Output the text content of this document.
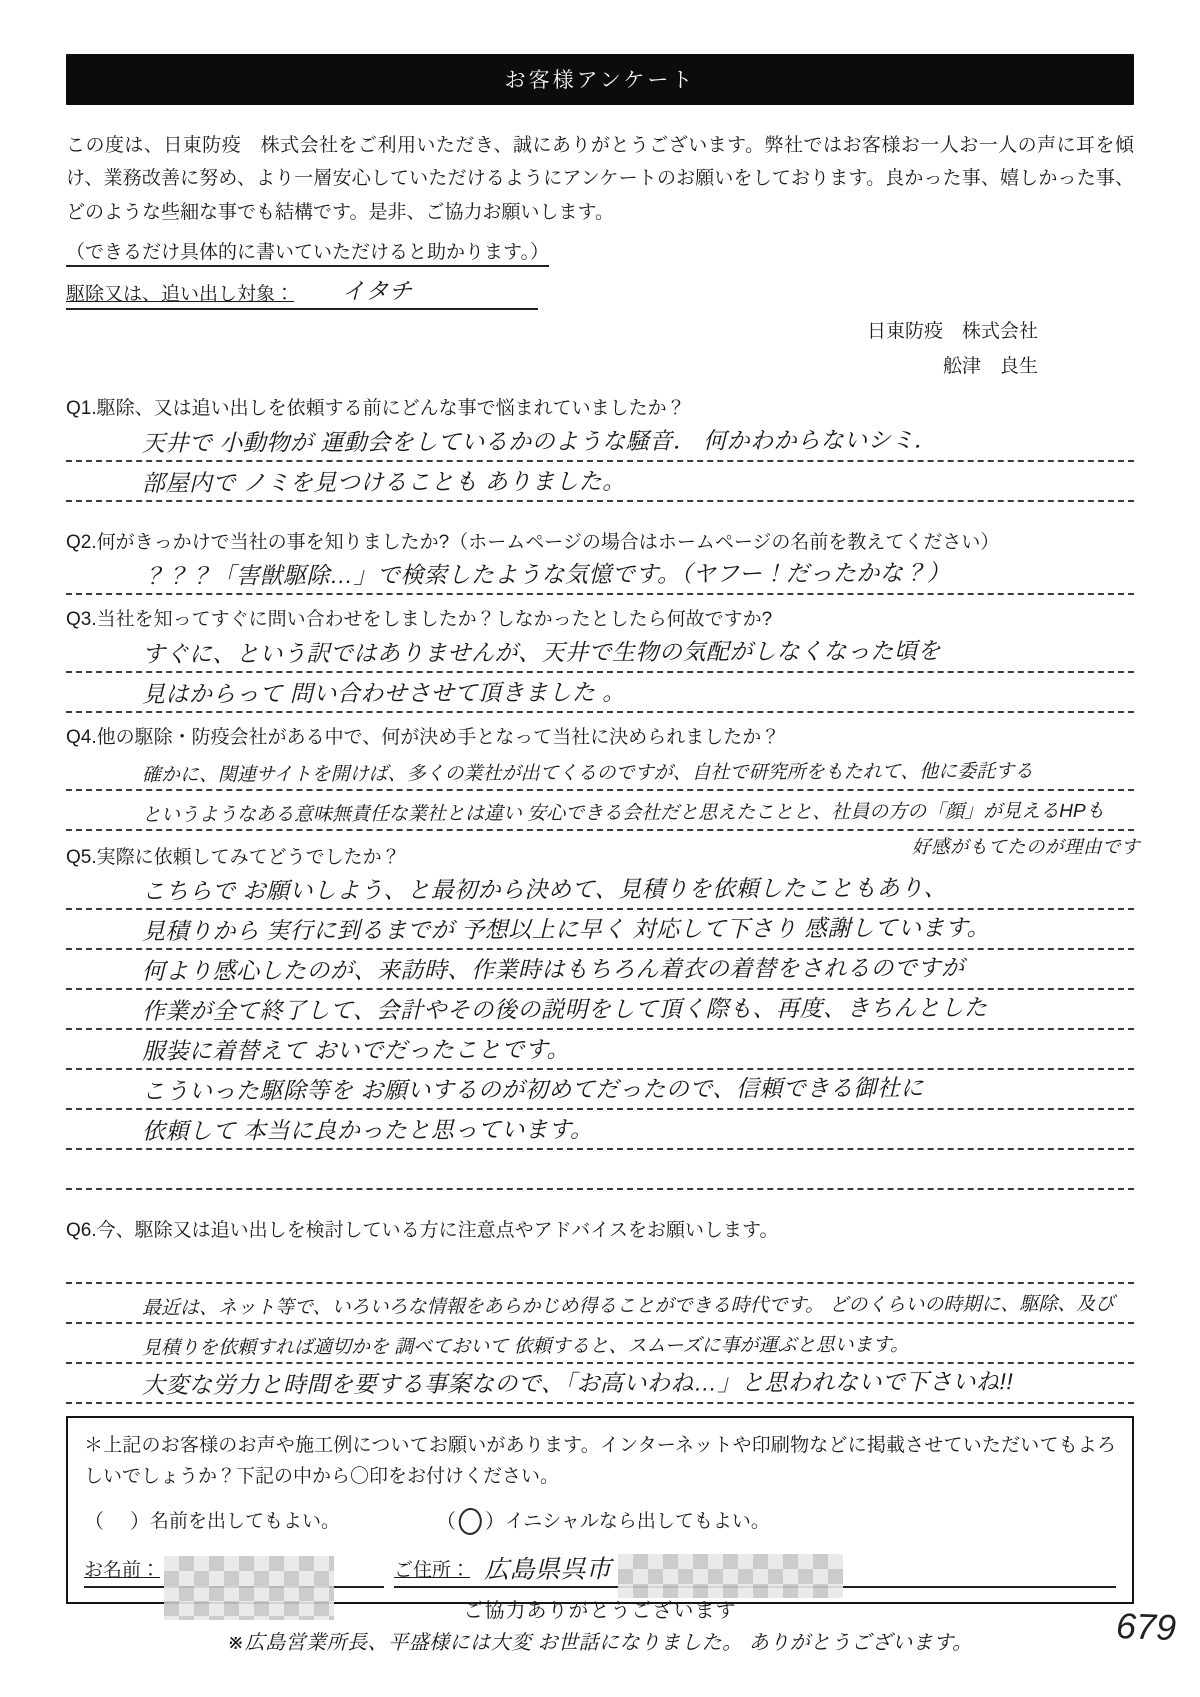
お客様アンケート
この度は、日東防疫　株式会社をご利用いただき、誠にありがとうございます。弊社ではお客様お一人お一人の声に耳を傾け、業務改善に努め、より一層安心していただけるようにアンケートのお願いをしております。良かった事、嬉しかった事、どのような些細な事でも結構です。是非、ご協力お願いします。
（できるだけ具体的に書いていただけると助かります。）
駆除又は、追い出し対象： イタチ
日東防疫　株式会社
舩津　良生
Q1.駆除、又は追い出しを依頼する前にどんな事で悩まれていましたか？
天井で 小動物が 運動会をしているかのような騒音． 何かわからないシミ．
部屋内で ノミを見つけることも ありました。
Q2.何がきっかけで当社の事を知りましたか?（ホームページの場合はホームページの名前を教えてください）
？？？「害獣駆除…」で検索したような気憶です。（ヤフー！だったかな？）
Q3.当社を知ってすぐに問い合わせをしましたか？しなかったとしたら何故ですか?
すぐに、という訳ではありませんが、天井で生物の気配がしなくなった頃を
見はからって 問い合わせさせて頂きました 。
Q4.他の駆除・防疫会社がある中で、何が決め手となって当社に決められましたか？
確かに、関連サイトを開けば、多くの業社が出てくるのですが、自社で研究所をもたれて、他に委託する
というようなある意味無責任な業社とは違い 安心できる会社だと思えたことと、社員の方の「顔」が見えるHPも
好感がもてたのが理由です
Q5.実際に依頼してみてどうでしたか？
こちらで お願いしよう、と最初から決めて、見積りを依頼したこともあり、
見積りから 実行に到るまでが 予想以上に早く 対応して下さり 感謝しています。
何より感心したのが、来訪時、作業時はもちろん着衣の着替をされるのですが
作業が全て終了して、会計やその後の説明をして頂く際も、再度、きちんとした
服装に着替えて おいでだったことです。
こういった駆除等を お願いするのが初めてだったので、信頼できる御社に
依頼して 本当に良かったと思っています。
Q6.今、駆除又は追い出しを検討している方に注意点やアドバイスをお願いします。
最近は、ネット等で、いろいろな情報をあらかじめ得ることができる時代です。 どのくらいの時期に、駆除、及び
見積りを依頼すれば適切かを 調べておいて 依頼すると、スムーズに事が運ぶと思います。
大変な労力と時間を要する事案なので、「お高いわね…」と思われないで下さいね!!
＊上記のお客様のお声や施工例についてお願いがあります。インターネットや印刷物などに掲載させていただいてもよろしいでしょうか？下記の中から〇印をお付けください。
（ ） 名前を出してもよい。	（ ） イニシャルなら出してもよい。
お名前：	ご住所： 広島県呉市
ご協力ありがとうございます
※広島営業所長、平盛様には大変 お世話になりました。 ありがとうございます。	679
